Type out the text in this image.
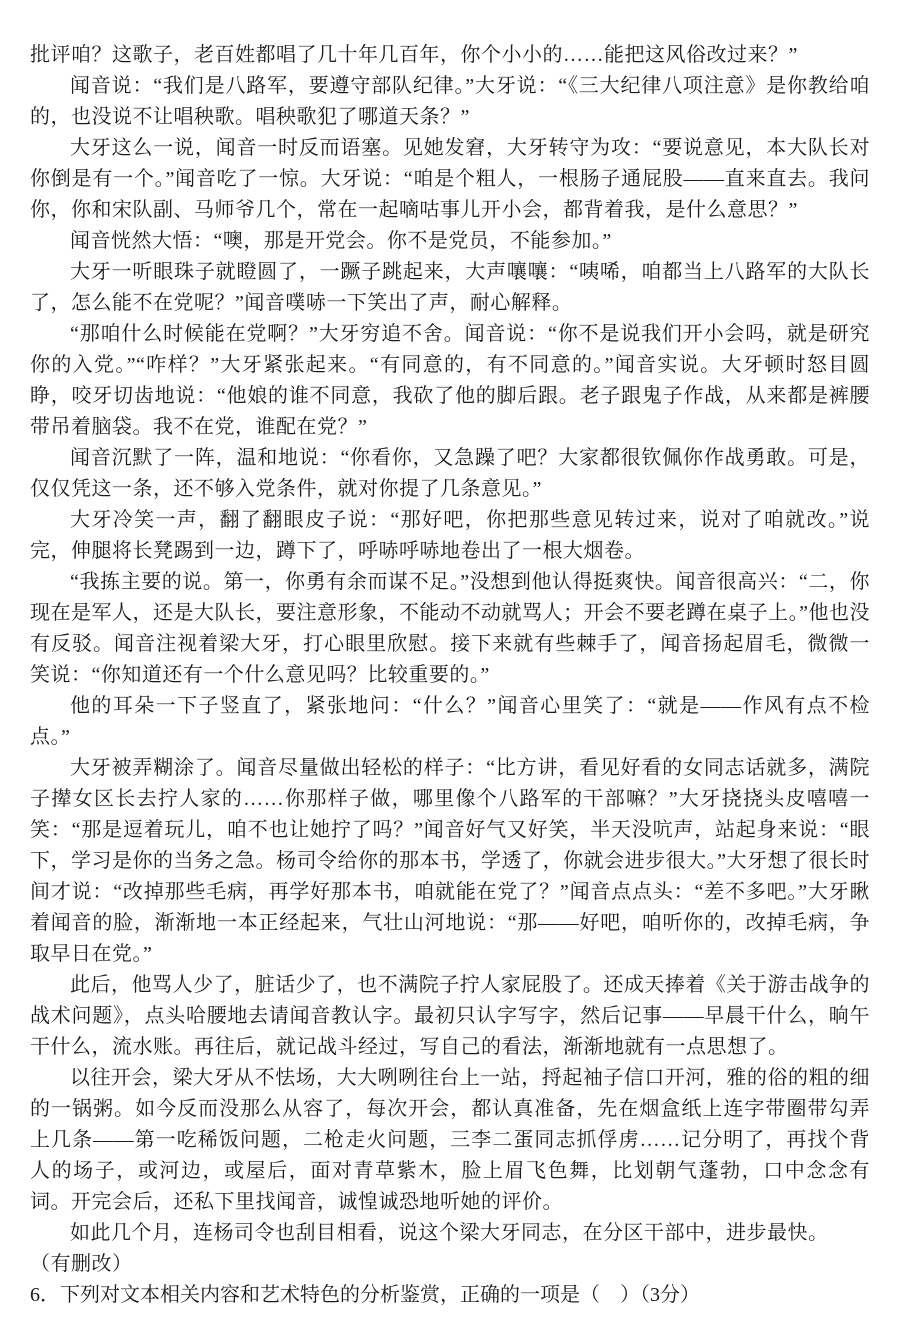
批评咱？这歌子，老百姓都唱了几十年几百年，你个小小的……能把这风俗改过来？”

闻音说：“我们是八路军，要遵守部队纪律。”大牙说：“《三大纪律八项注意》是你教给咱的，也没说不让唱秧歌。唱秧歌犯了哪道天条？”

大牙这么一说，闻音一时反而语塞。见她发窘，大牙转守为攻：“要说意见，本大队长对你倒是有一个。”闻音吃了一惊。大牙说：“咱是个粗人，一根肠子通屁股——直来直去。我问你，你和宋队副、马师爷几个，常在一起嘀咕事儿开小会，都背着我，是什么意思？”

闻音恍然大悟：“噢，那是开党会。你不是党员，不能参加。”

大牙一听眼珠子就瞪圆了，一蹶子跳起来，大声嚷嚷：“咦唏，咱都当上八路军的大队长了，怎么能不在党呢？”闻音噗哧一下笑出了声，耐心解释。

“那咱什么时候能在党啊？”大牙穷追不舍。闻音说：“你不是说我们开小会吗，就是研究你的入党。”“咋样？”大牙紧张起来。“有同意的，有不同意的。”闻音实说。大牙顿时怒目圆睁，咬牙切齿地说：“他娘的谁不同意，我砍了他的脚后跟。老子跟鬼子作战，从来都是裤腰带吊着脑袋。我不在党，谁配在党？”

闻音沉默了一阵，温和地说：“你看你，又急躁了吧？大家都很钦佩你作战勇敢。可是，仅仅凭这一条，还不够入党条件，就对你提了几条意见。”

大牙冷笑一声，翻了翻眼皮子说：“那好吧，你把那些意见转过来，说对了咱就改。”说完，伸腿将长凳踢到一边，蹲下了，呼哧呼哧地卷出了一根大烟卷。

“我拣主要的说。第一，你勇有余而谋不足。”没想到他认得挺爽快。闻音很高兴：“二，你现在是军人，还是大队长，要注意形象，不能动不动就骂人；开会不要老蹲在桌子上。”他也没有反驳。闻音注视着梁大牙，打心眼里欣慰。接下来就有些棘手了，闻音扬起眉毛，微微一笑说：“你知道还有一个什么意见吗？比较重要的。”

他的耳朵一下子竖直了，紧张地问：“什么？”闻音心里笑了：“就是——作风有点不检点。”

大牙被弄糊涂了。闻音尽量做出轻松的样子：“比方讲，看见好看的女同志话就多，满院子撵女区长去拧人家的……你那样子做，哪里像个八路军的干部嘛？”大牙挠挠头皮嘻嘻一笑：“那是逗着玩儿，咱不也让她拧了吗？”闻音好气又好笑，半天没吭声，站起身来说：“眼下，学习是你的当务之急。杨司令给你的那本书，学透了，你就会进步很大。”大牙想了很长时间才说：“改掉那些毛病，再学好那本书，咱就能在党了？”闻音点点头：“差不多吧。”大牙瞅着闻音的脸，渐渐地一本正经起来，气壮山河地说：“那——好吧，咱听你的，改掉毛病，争取早日在党。”

此后，他骂人少了，脏话少了，也不满院子拧人家屁股了。还成天捧着《关于游击战争的战术问题》，点头哈腰地去请闻音教认字。最初只认字写字，然后记事——早晨干什么，晌午干什么，流水账。再往后，就记战斗经过，写自己的看法，渐渐地就有一点思想了。

以往开会，梁大牙从不怯场，大大咧咧往台上一站，捋起袖子信口开河，雅的俗的粗的细的一锅粥。如今反而没那么从容了，每次开会，都认真准备，先在烟盒纸上连字带圈带勾弄上几条——第一吃稀饭问题，二枪走火问题，三李二蛋同志抓俘虏……记分明了，再找个背人的场子，或河边，或屋后，面对青草紫木，脸上眉飞色舞，比划朝气蓬勃，口中念念有词。开完会后，还私下里找闻音，诚惶诚恐地听她的评价。

如此几个月，连杨司令也刮目相看，说这个梁大牙同志，在分区干部中，进步最快。

（有删改）

6．下列对文本相关内容和艺术特色的分析鉴赏，正确的一项是（　）（3分）
